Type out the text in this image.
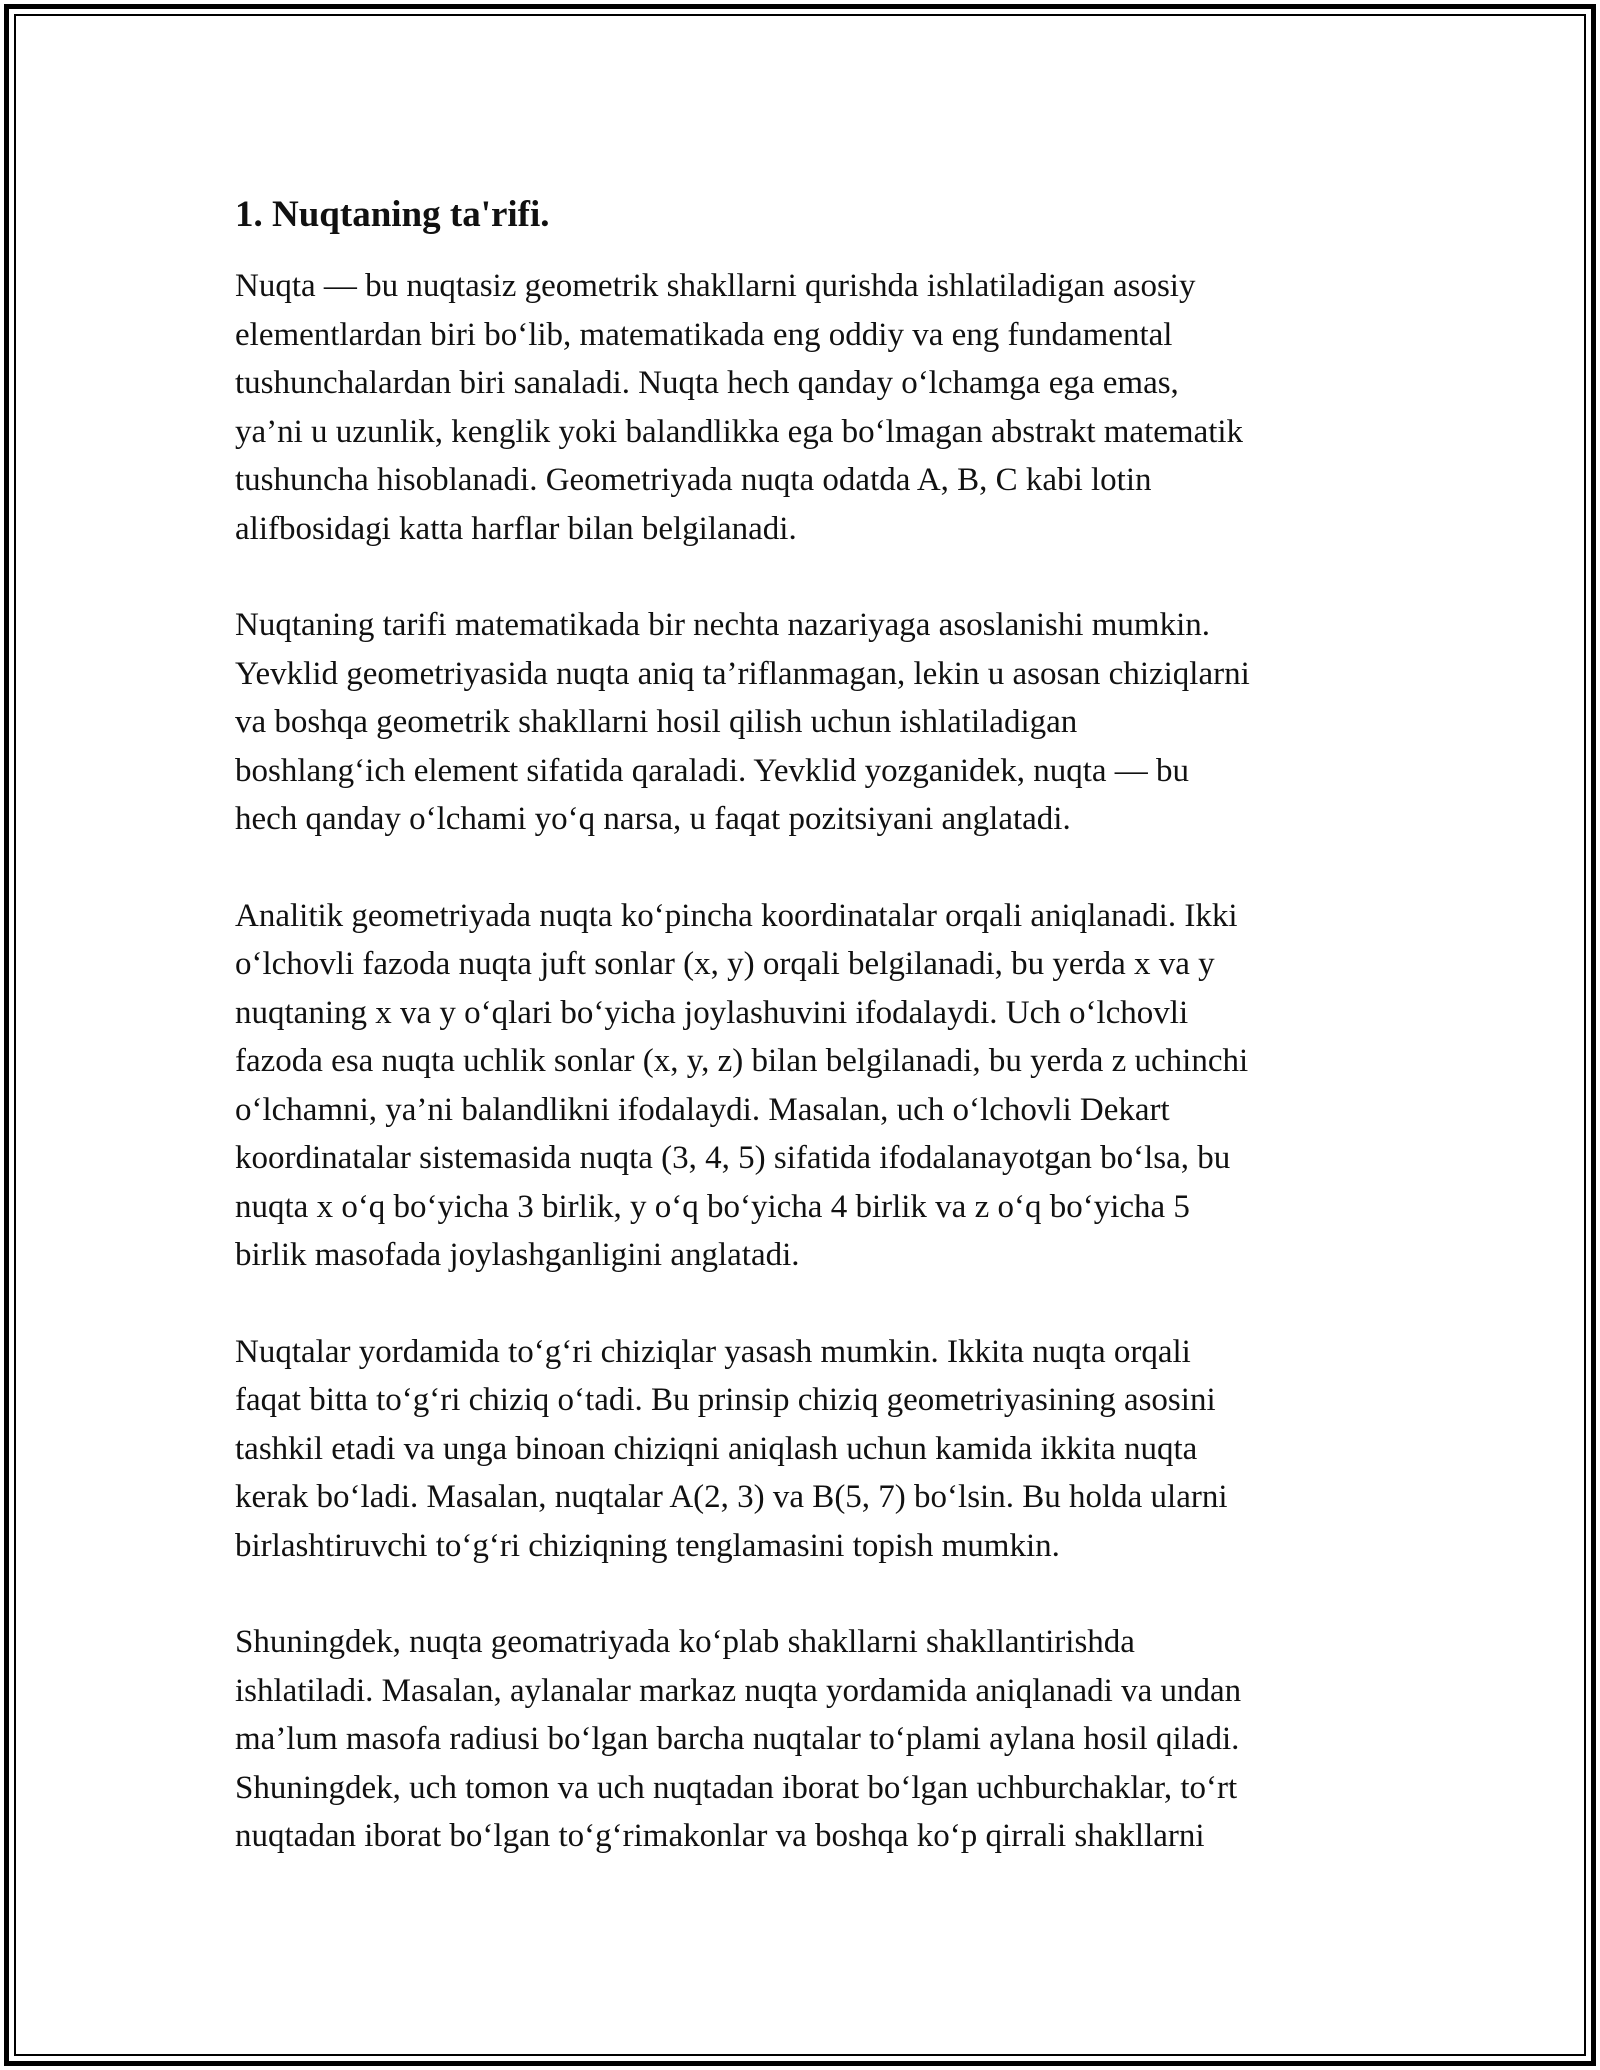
1. Nuqtaning ta'rifi.

Nuqta — bu nuqtasiz geometrik shakllarni qurishda ishlatiladigan asosiy
elementlardan biri boʻlib, matematikada eng oddiy va eng fundamental
tushunchalardan biri sanaladi. Nuqta hech qanday oʻlchamga ega emas,
ya’ni u uzunlik, kenglik yoki balandlikka ega boʻlmagan abstrakt matematik
tushuncha hisoblanadi. Geometriyada nuqta odatda A, B, C kabi lotin
alifbosidagi katta harflar bilan belgilanadi.

Nuqtaning tarifi matematikada bir nechta nazariyaga asoslanishi mumkin.
Yevklid geometriyasida nuqta aniq ta’riflanmagan, lekin u asosan chiziqlarni
va boshqa geometrik shakllarni hosil qilish uchun ishlatiladigan
boshlangʻich element sifatida qaraladi. Yevklid yozganidek, nuqta — bu
hech qanday oʻlchami yoʻq narsa, u faqat pozitsiyani anglatadi.

Analitik geometriyada nuqta koʻpincha koordinatalar orqali aniqlanadi. Ikki
oʻlchovli fazoda nuqta juft sonlar (x, y) orqali belgilanadi, bu yerda x va y
nuqtaning x va y oʻqlari boʻyicha joylashuvini ifodalaydi. Uch oʻlchovli
fazoda esa nuqta uchlik sonlar (x, y, z) bilan belgilanadi, bu yerda z uchinchi
oʻlchamni, ya’ni balandlikni ifodalaydi. Masalan, uch oʻlchovli Dekart
koordinatalar sistemasida nuqta (3, 4, 5) sifatida ifodalanayotgan boʻlsa, bu
nuqta x oʻq boʻyicha 3 birlik, y oʻq boʻyicha 4 birlik va z oʻq boʻyicha 5
birlik masofada joylashganligini anglatadi.

Nuqtalar yordamida toʻgʻri chiziqlar yasash mumkin. Ikkita nuqta orqali
faqat bitta toʻgʻri chiziq oʻtadi. Bu prinsip chiziq geometriyasining asosini
tashkil etadi va unga binoan chiziqni aniqlash uchun kamida ikkita nuqta
kerak boʻladi. Masalan, nuqtalar A(2, 3) va B(5, 7) boʻlsin. Bu holda ularni
birlashtiruvchi toʻgʻri chiziqning tenglamasini topish mumkin.

Shuningdek, nuqta geomatriyada koʻplab shakllarni shakllantirishda
ishlatiladi. Masalan, aylanalar markaz nuqta yordamida aniqlanadi va undan
ma’lum masofa radiusi boʻlgan barcha nuqtalar toʻplami aylana hosil qiladi.
Shuningdek, uch tomon va uch nuqtadan iborat boʻlgan uchburchaklar, toʻrt
nuqtadan iborat boʻlgan toʻgʻrimakonlar va boshqa koʻp qirrali shakllarni
